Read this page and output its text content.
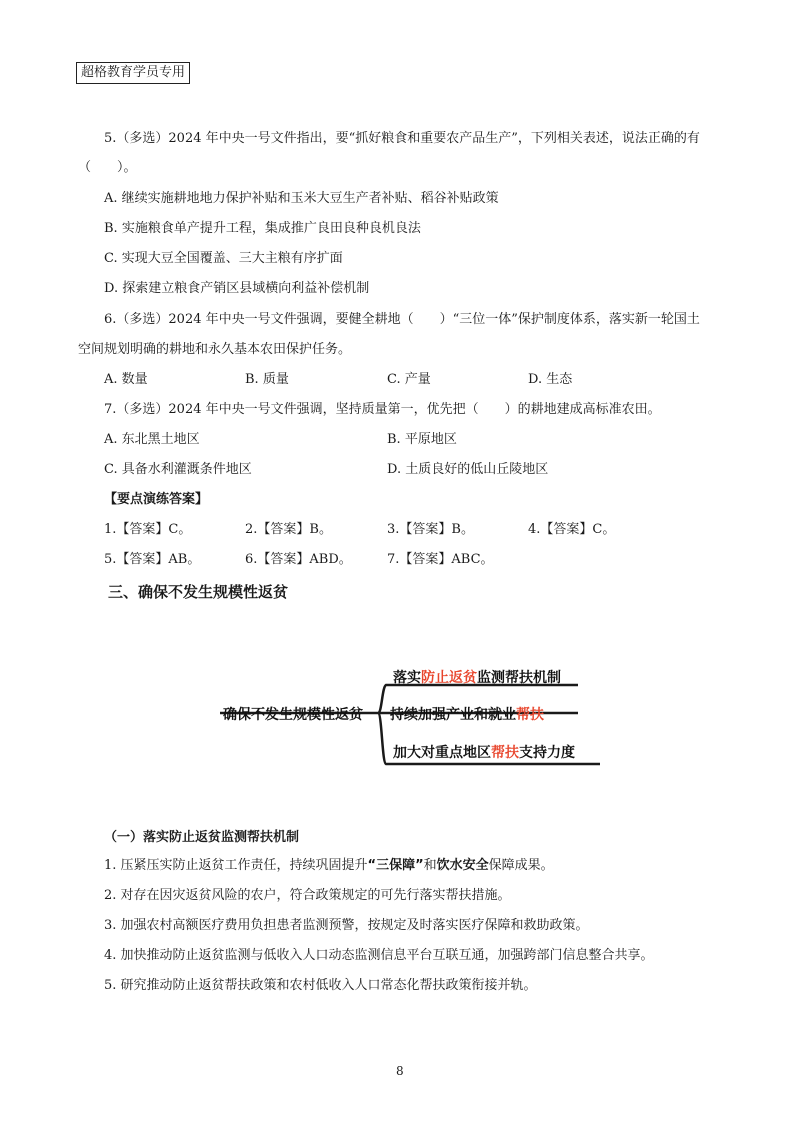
超格教育学员专用
5.（多选）2024 年中央一号文件指出，要“抓好粮食和重要农产品生产”，下列相关表述，说法正确的有
（　　）。
A. 继续实施耕地地力保护补贴和玉米大豆生产者补贴、稻谷补贴政策
B. 实施粮食单产提升工程，集成推广良田良种良机良法
C. 实现大豆全国覆盖、三大主粮有序扩面
D. 探索建立粮食产销区县域横向利益补偿机制
6.（多选）2024 年中央一号文件强调，要健全耕地（　　）“三位一体”保护制度体系，落实新一轮国土
空间规划明确的耕地和永久基本农田保护任务。
A. 数量	B. 质量	C. 产量	D. 生态
7.（多选）2024 年中央一号文件强调，坚持质量第一，优先把（　　）的耕地建成高标准农田。
A. 东北黑土地区	B. 平原地区
C. 具备水利灌溉条件地区	D. 土质良好的低山丘陵地区
【要点演练答案】
1.【答案】C。	2.【答案】B。	3.【答案】B。	4.【答案】C。
5.【答案】AB。	6.【答案】ABD。	7.【答案】ABC。
三、确保不发生规模性返贫
确保不发生规模性返贫
落实防止返贫监测帮扶机制
持续加强产业和就业帮扶
加大对重点地区帮扶支持力度
（一）落实防止返贫监测帮扶机制
1. 压紧压实防止返贫工作责任，持续巩固提升“三保障”和饮水安全保障成果。
2. 对存在因灾返贫风险的农户，符合政策规定的可先行落实帮扶措施。
3. 加强农村高额医疗费用负担患者监测预警，按规定及时落实医疗保障和救助政策。
4. 加快推动防止返贫监测与低收入人口动态监测信息平台互联互通，加强跨部门信息整合共享。
5. 研究推动防止返贫帮扶政策和农村低收入人口常态化帮扶政策衔接并轨。
8
